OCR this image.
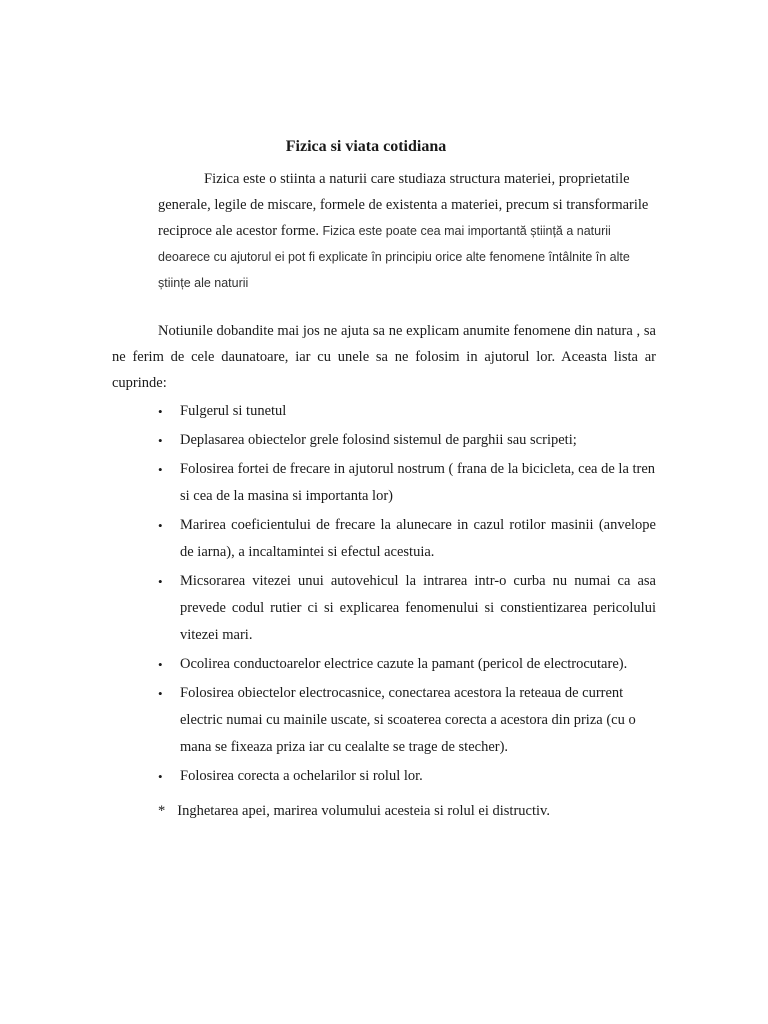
Fizica si viata cotidiana
Fizica este o stiinta a naturii care studiaza structura materiei, proprietatile generale, legile de miscare, formele de existenta a materiei, precum si transformarile reciproce ale acestor forme. Fizica este poate cea mai importantă știință a naturii deoarece cu ajutorul ei pot fi explicate în principiu orice alte fenomene întâlnite în alte științe ale naturii
Notiunile dobandite mai jos ne ajuta sa ne explicam anumite fenomene din natura , sa ne ferim de cele daunatoare, iar cu unele sa ne folosim in ajutorul lor. Aceasta lista ar cuprinde:
• Fulgerul si tunetul
• Deplasarea obiectelor grele folosind sistemul de parghii sau scripeti;
• Folosirea fortei de frecare in ajutorul nostrum ( frana de la bicicleta, cea de la tren si cea de la masina si importanta lor)
• Marirea coeficientului de frecare la alunecare in cazul rotilor masinii (anvelope de iarna), a incaltamintei si efectul acestuia.
• Micsorarea vitezei unui autovehicul la intrarea intr-o curba nu numai ca asa prevede codul rutier ci si explicarea fenomenului si constientizarea pericolului vitezei mari.
• Ocolirea conductoarelor electrice cazute la pamant (pericol de electrocutare).
• Folosirea obiectelor electrocasnice, conectarea acestora la reteaua de current electric numai cu mainile uscate, si scoaterea corecta a acestora din priza (cu o mana se fixeaza priza iar cu cealalte se trage de stecher).
• Folosirea corecta a ochelarilor si rolul lor.
* Inghetarea apei, marirea volumului acesteia si rolul ei distructiv.
